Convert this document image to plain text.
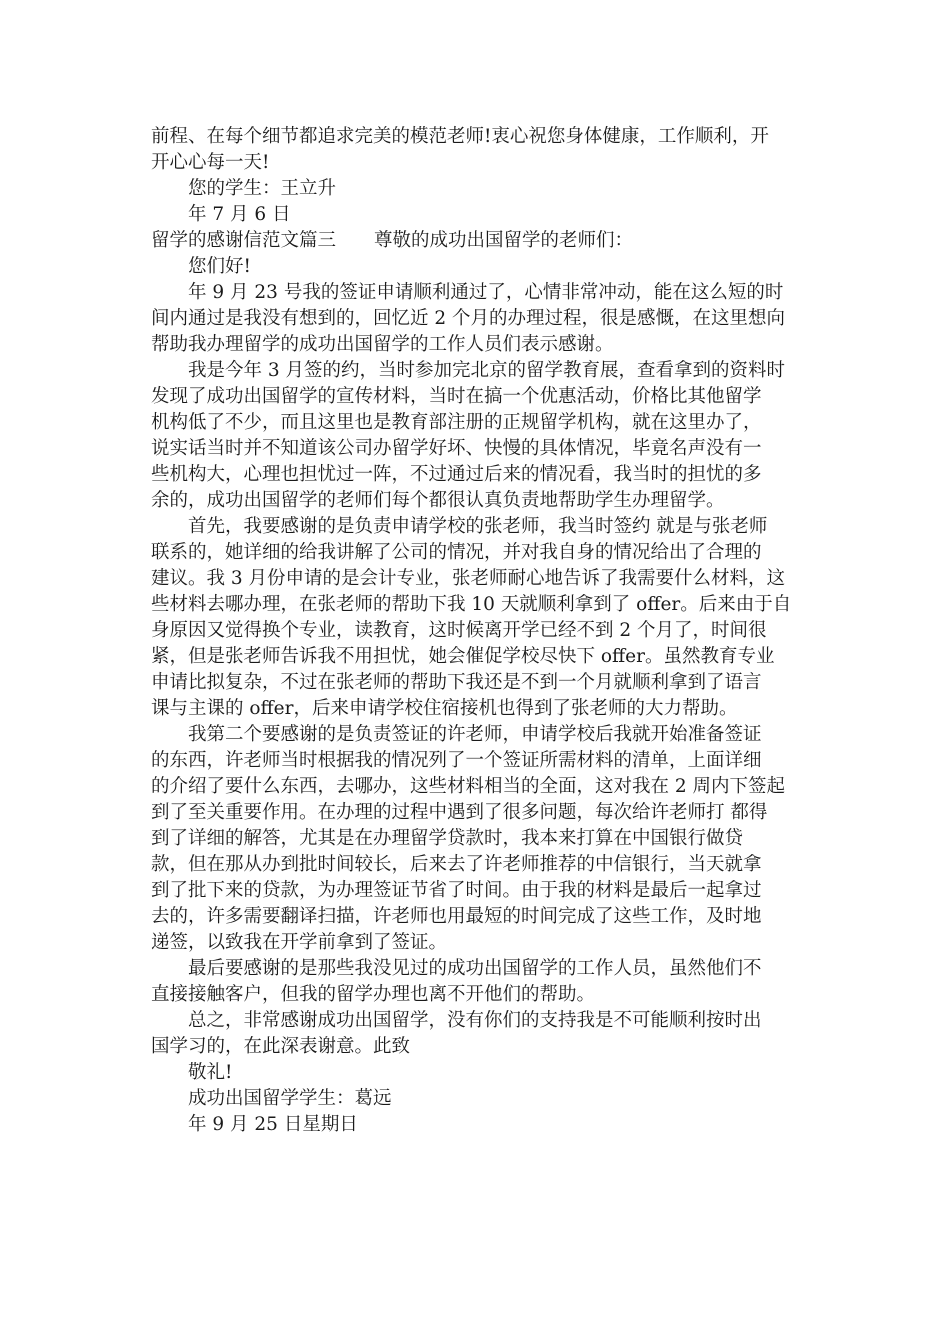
前程、在每个细节都追求完美的模范老师!衷心祝您身体健康，工作顺利，开
开心心每一天!
您的学生：王立升
年 7 月 6 日
留学的感谢信范文篇三 尊敬的成功出国留学的老师们：
您们好!
年 9 月 23 号我的签证申请顺利通过了，心情非常冲动，能在这么短的时
间内通过是我没有想到的，回忆近 2 个月的办理过程，很是感慨，在这里想向
帮助我办理留学的成功出国留学的工作人员们表示感谢。
我是今年 3 月签的约，当时参加完北京的留学教育展，查看拿到的资料时
发现了成功出国留学的宣传材料，当时在搞一个优惠活动，价格比其他留学
机构低了不少，而且这里也是教育部注册的正规留学机构，就在这里办了，
说实话当时并不知道该公司办留学好坏、快慢的具体情况，毕竟名声没有一
些机构大，心理也担忧过一阵，不过通过后来的情况看，我当时的担忧的多
余的，成功出国留学的老师们每个都很认真负责地帮助学生办理留学。
首先，我要感谢的是负责申请学校的张老师，我当时签约 就是与张老师
联系的，她详细的给我讲解了公司的情况，并对我自身的情况给出了合理的
建议。我 3 月份申请的是会计专业，张老师耐心地告诉了我需要什么材料，这
些材料去哪办理，在张老师的帮助下我 10 天就顺利拿到了 offer。后来由于自
身原因又觉得换个专业，读教育，这时候离开学已经不到 2 个月了，时间很
紧，但是张老师告诉我不用担忧，她会催促学校尽快下 offer。虽然教育专业
申请比拟复杂，不过在张老师的帮助下我还是不到一个月就顺利拿到了语言
课与主课的 offer，后来申请学校住宿接机也得到了张老师的大力帮助。
我第二个要感谢的是负责签证的许老师，申请学校后我就开始准备签证
的东西，许老师当时根据我的情况列了一个签证所需材料的清单，上面详细
的介绍了要什么东西，去哪办，这些材料相当的全面，这对我在 2 周内下签起
到了至关重要作用。在办理的过程中遇到了很多问题，每次给许老师打 都得
到了详细的解答，尤其是在办理留学贷款时，我本来打算在中国银行做贷
款，但在那从办到批时间较长，后来去了许老师推荐的中信银行，当天就拿
到了批下来的贷款，为办理签证节省了时间。由于我的材料是最后一起拿过
去的，许多需要翻译扫描，许老师也用最短的时间完成了这些工作，及时地
递签，以致我在开学前拿到了签证。
最后要感谢的是那些我没见过的成功出国留学的工作人员，虽然他们不
直接接触客户，但我的留学办理也离不开他们的帮助。
总之，非常感谢成功出国留学，没有你们的支持我是不可能顺利按时出
国学习的，在此深表谢意。此致
敬礼!
成功出国留学学生：葛远
年 9 月 25 日星期日
